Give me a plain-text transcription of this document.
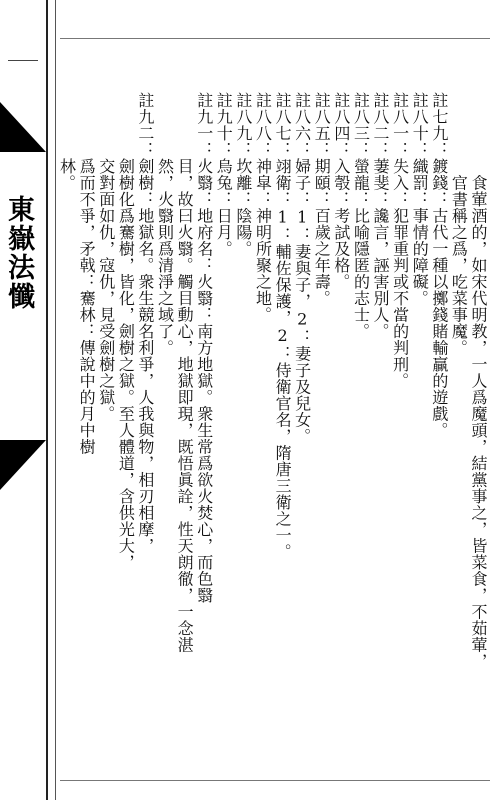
東嶽法懺	　　　　　食葷酒的，如宋代明教，一人爲魔頭，結黨事之，皆菜食，不茹葷，
　　　　　官書稱之爲，吃菜事魔。
註七九：鍍錢：古代一種以擲錢賭輸贏的遊戲。
註八十：織罰：事情的障礙。
註八一：失入：犯罪重判或不當的判刑。
註八二：萋斐：讒言，誣害別人。
註八三：螢龍：比喻隱匿的志士。
註八四：入彀：考試及格。
註八五：期頤：百歲之年壽。
註八六：婦子：1：妻與子，2：妻子及兒女。
註八七：翊衛：1：輔佐保護，2：侍衛官名，隋唐三衛之一。
註八八：神皐：神明所聚之地。
註八九：坎離：陰陽。
註九十：烏兔：日月。
註九一：火翳：地府名：火翳：南方地獄。衆生常爲欲火焚心，而色翳
　　　　目，故曰火翳。觸目動心，地獄即現，既悟眞詮，性天朗徹，一念湛
　　　　然，火翳則爲清淨之域了。
註九二：劍樹：地獄名。衆生競名利爭，人我與物，相刃相摩，
　　　　劍樹化爲騫樹，皆化，劍樹之獄。至人體道，含供光大，
　　　　交對面如仇，寇仇，見受劍樹之獄。
　　　　爲而不爭，矛戟：騫林：傳說中的月中樹
　　　　林。
